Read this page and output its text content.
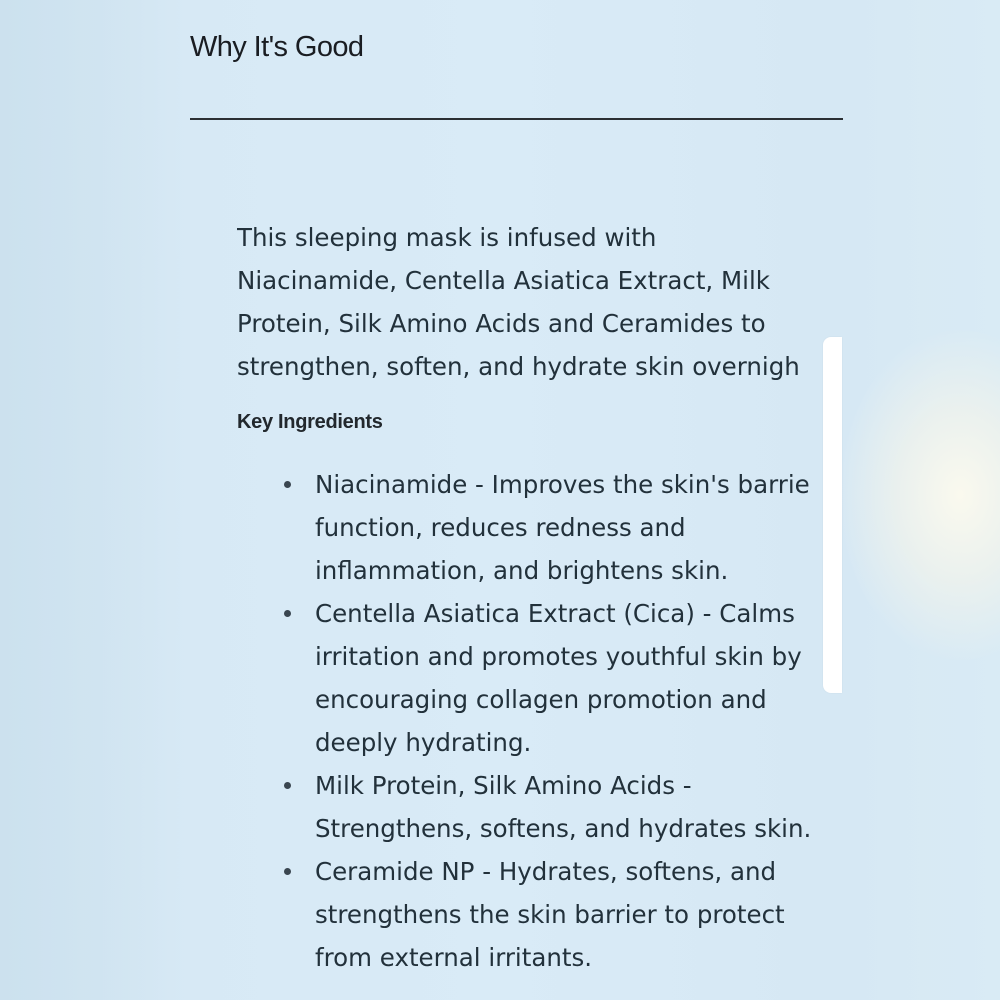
Why It's Good

This sleeping mask is infused with
Niacinamide, Centella Asiatica Extract, Milk
Protein, Silk Amino Acids and Ceramides to
strengthen, soften, and hydrate skin overnigh

Key Ingredients
Niacinamide - Improves the skin's barrie
function, reduces redness and
inflammation, and brightens skin.
Centella Asiatica Extract (Cica) - Calms
irritation and promotes youthful skin by
encouraging collagen promotion and
deeply hydrating.
Milk Protein, Silk Amino Acids -
Strengthens, softens, and hydrates skin.
Ceramide NP - Hydrates, softens, and
strengthens the skin barrier to protect
from external irritants.
